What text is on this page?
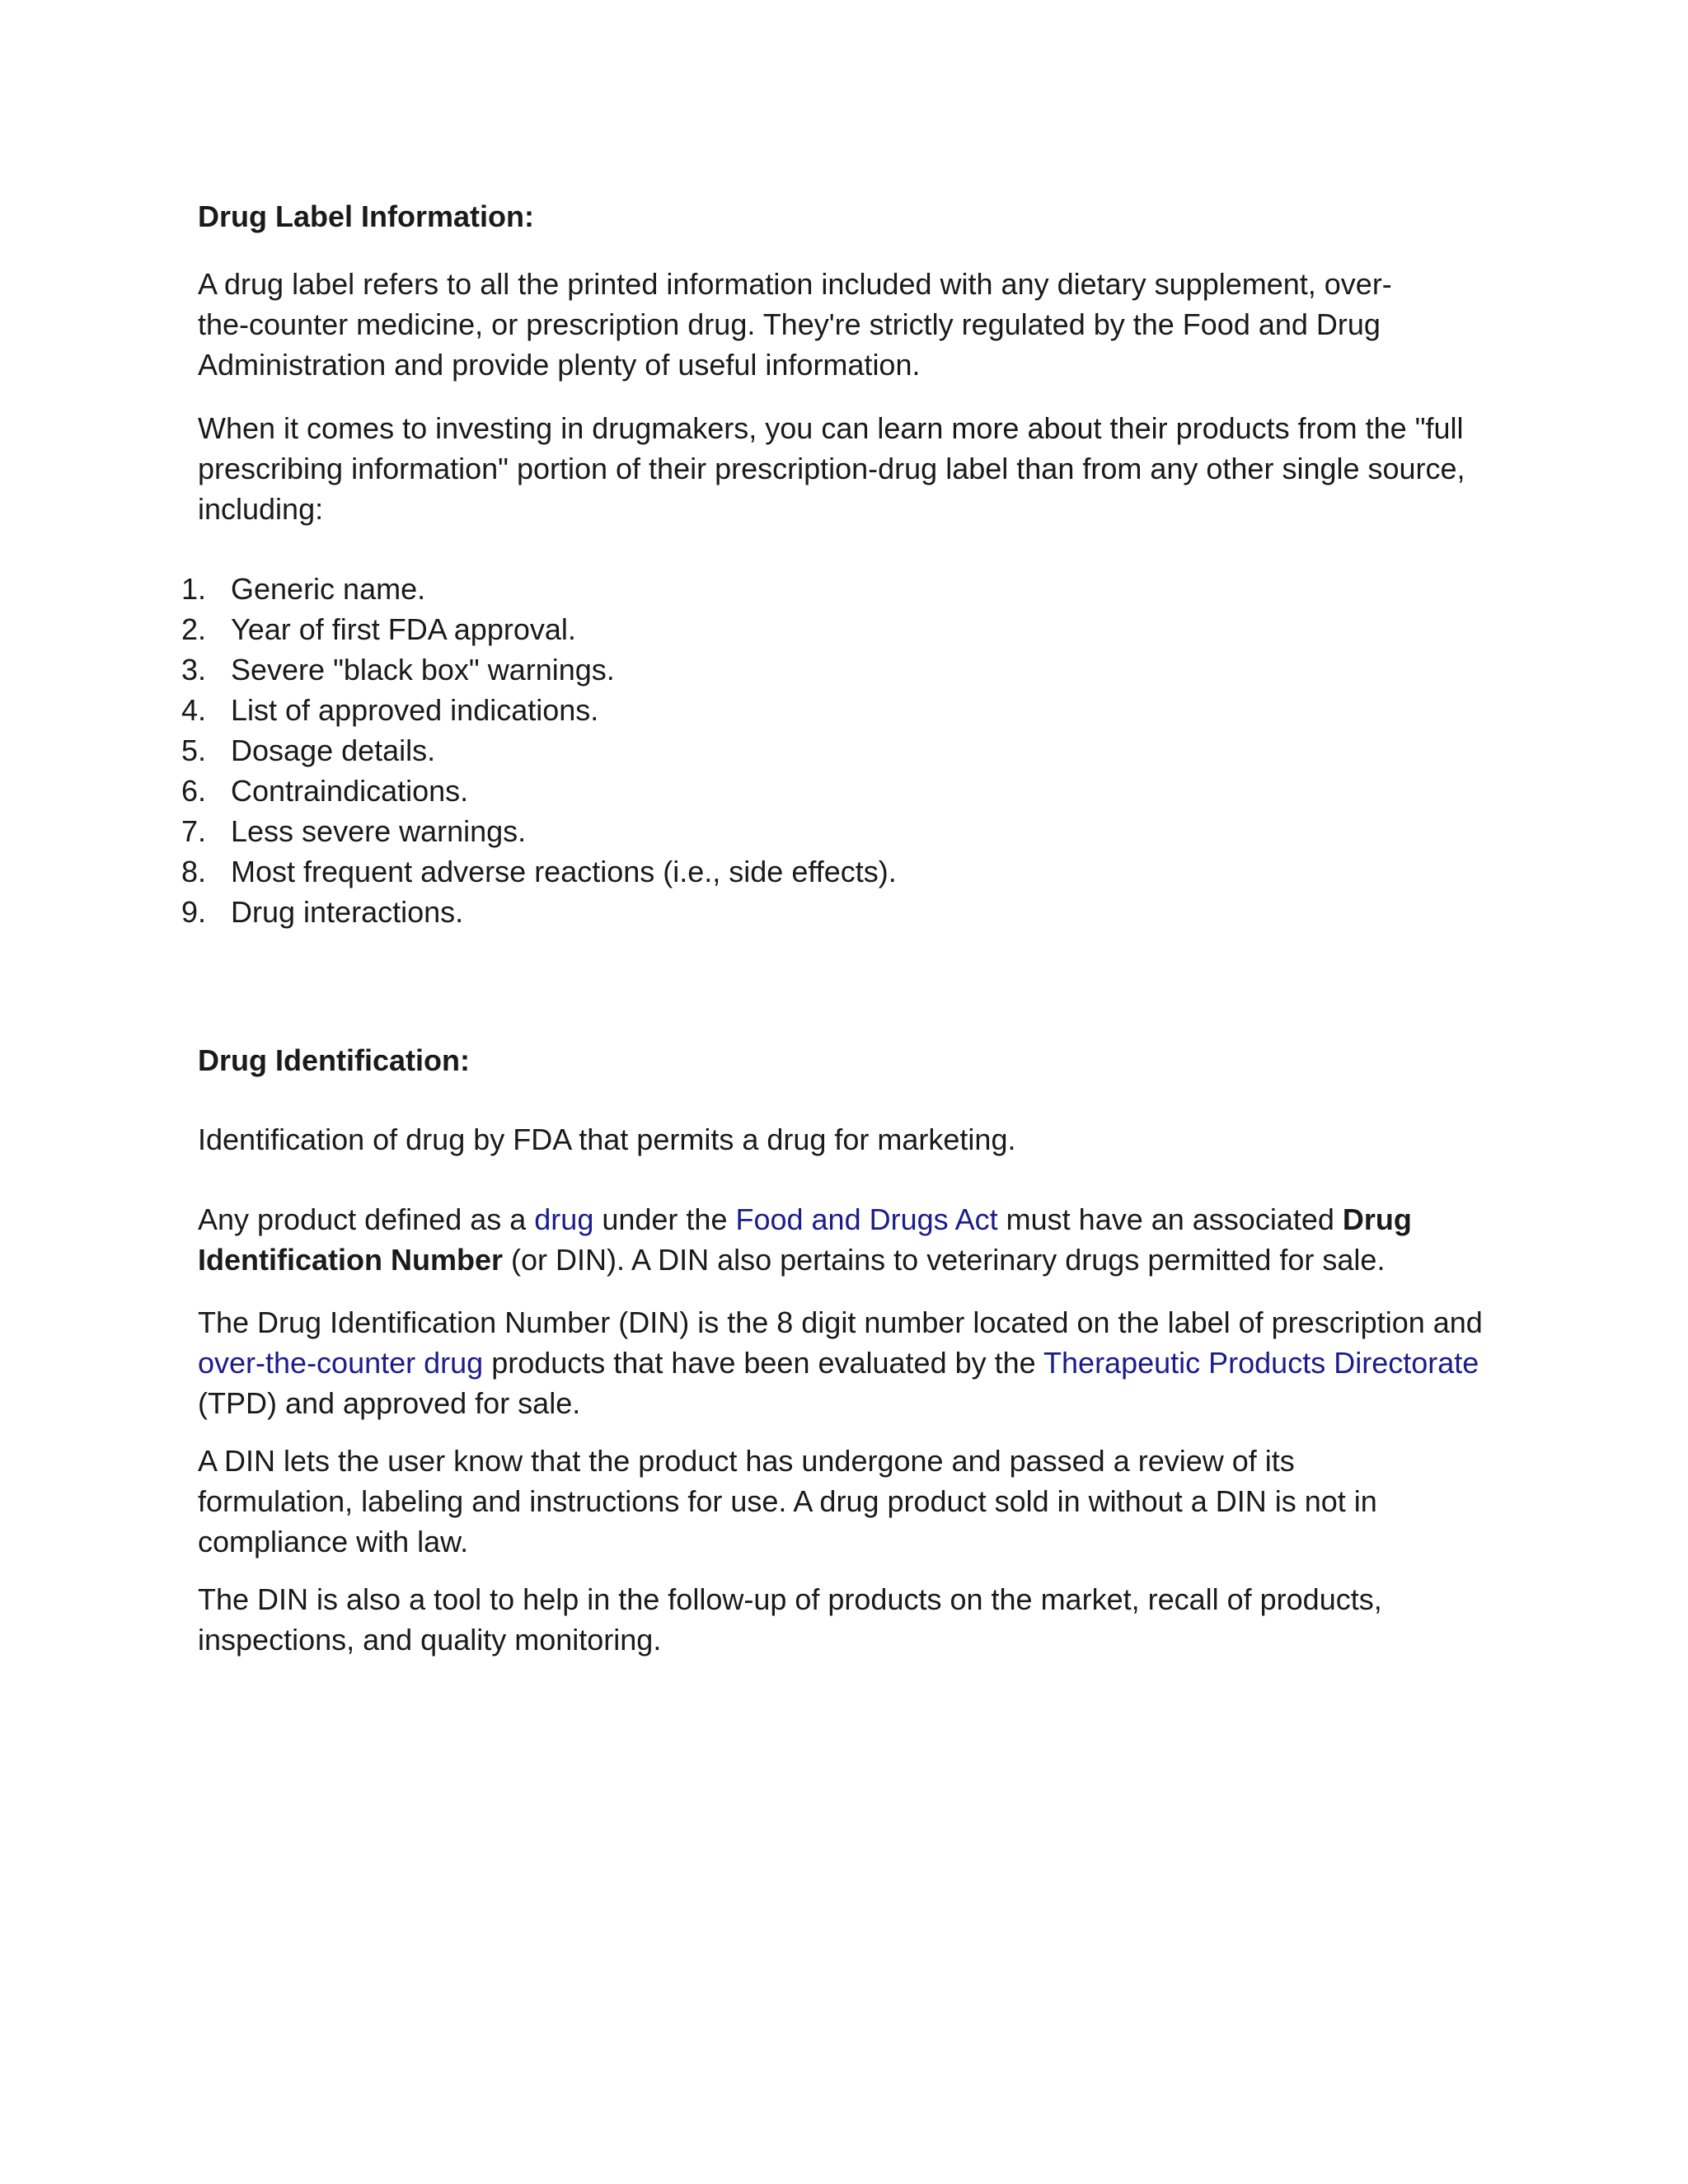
Drug Label Information:

A drug label refers to all the printed information included with any dietary supplement, over-the-counter medicine, or prescription drug. They're strictly regulated by the Food and Drug Administration and provide plenty of useful information.

When it comes to investing in drugmakers, you can learn more about their products from the "full prescribing information" portion of their prescription-drug label than from any other single source, including:

1. Generic name.
2. Year of first FDA approval.
3. Severe "black box" warnings.
4. List of approved indications.
5. Dosage details.
6. Contraindications.
7. Less severe warnings.
8. Most frequent adverse reactions (i.e., side effects).
9. Drug interactions.
Drug Identification:

Identification of drug by FDA that permits a drug for marketing.

Any product defined as a drug under the Food and Drugs Act must have an associated Drug Identification Number (or DIN). A DIN also pertains to veterinary drugs permitted for sale.

The Drug Identification Number (DIN) is the 8 digit number located on the label of prescription and over-the-counter drug products that have been evaluated by the Therapeutic Products Directorate (TPD) and approved for sale.

A DIN lets the user know that the product has undergone and passed a review of its formulation, labeling and instructions for use. A drug product sold in without a DIN is not in compliance with law.

The DIN is also a tool to help in the follow-up of products on the market, recall of products, inspections, and quality monitoring.
